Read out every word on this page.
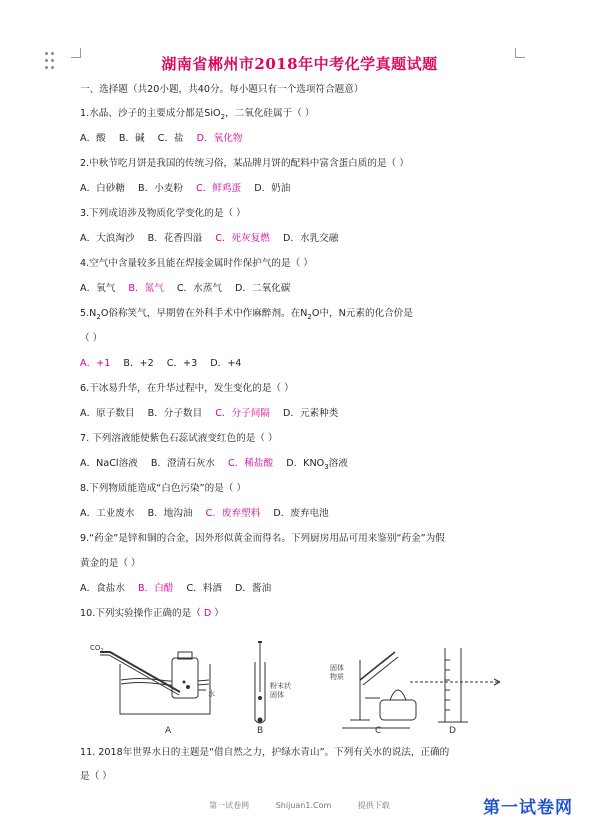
湖南省郴州市2018年中考化学真题试题
一、选择题（共20小题，共40分。每小题只有一个选项符合题意）
1.水晶、沙子的主要成分都是SiO$_2$，二氧化硅属于（ ）
A．酸 B．碱 C．盐 D．氧化物
2.中秋节吃月饼是我国的传统习俗，某品牌月饼的配料中富含蛋白质的是（ ）
A．白砂糖 B．小麦粉 C．鲜鸡蛋 D．奶油
3.下列成语涉及物质化学变化的是（ ）
A．大浪淘沙 B．花香四溢 C．死灰复燃 D．水乳交融
4.空气中含量较多且能在焊接金属时作保护气的是（ ）
A．氧气 B．氮气 C．水蒸气 D．二氧化碳
$5.N_2O$俗称笑气，早期曾在外科手术中作麻醉剂。在$N_2O$中，N元素的化合价是
（ ）
A．+1 B．+2 C．+3 D．+4
6.干冰易升华，在升华过程中，发生变化的是（ ）
A．原子数目 B．分子数目 C．分子间隔 D．元素种类
7. 下列溶液能使紫色石蕊试液变红色的是（ ）
A．NaCl溶液 B．澄清石灰水 C．稀盐酸 D．$KNO_3$溶液
8.下列物质能造成“白色污染”的是（ ）
A．工业废水 B．地沟油 C．废弃塑料 D．废弃电池
9.“药金”是锌和铜的合金，因外形似黄金而得名。下列厨房用品可用来鉴别“药金”为假
黄金的是（ ）
A．食盐水 B．白醋 C．料酒 D．酱油
10.下列实验操作正确的是（ D ）
$CO_2$
水
粉末状
固体
固体
物质
A	B	C	D
11. 2018年世界水日的主题是“借自然之力，护绿水青山”。下列有关水的说法，正确的
是（ ）
第一试卷网	Shijuan1.Com	提供下载	第一试卷网
